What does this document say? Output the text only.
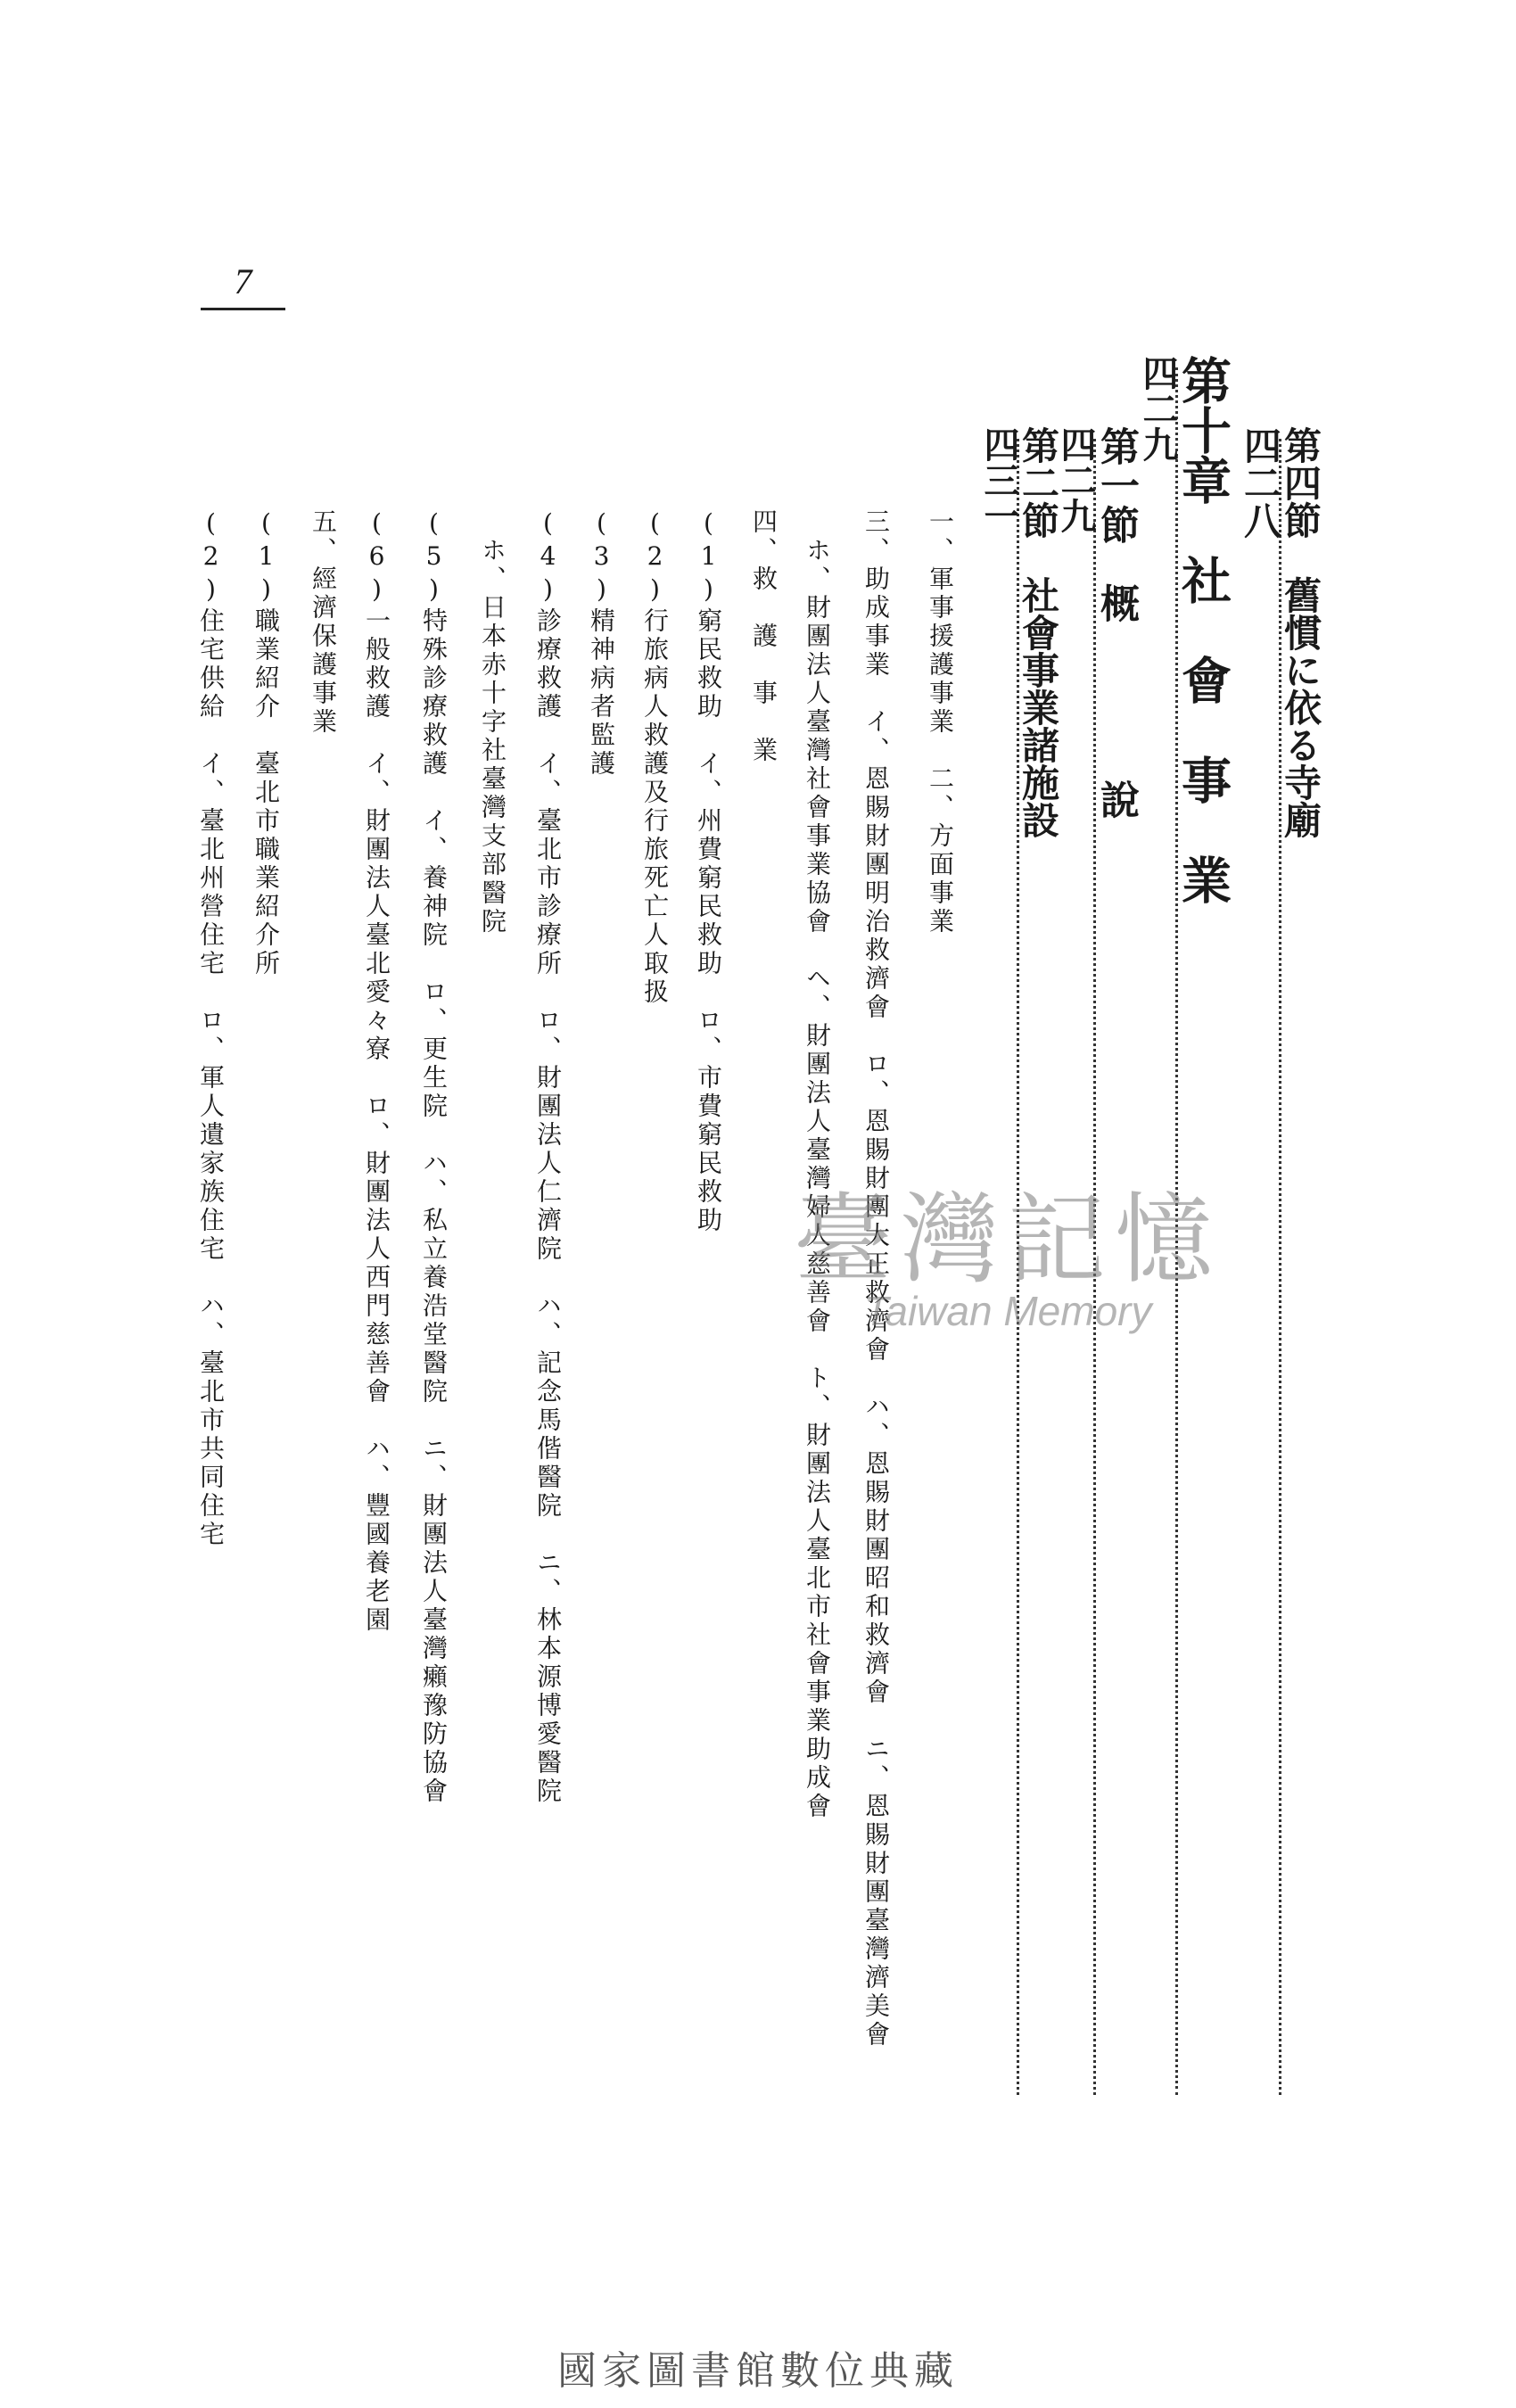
7
第四節　舊慣に依る寺廟
四二八
第十章　社　會　事　業
四二九
第一節　概　　　　說
四二九
第二節　社會事業諸施設
四三一
一、軍事援護事業　二、方面事業
三、助成事業　イ、恩賜財團明治救濟會　ロ、恩賜財團大正救濟會　ハ、恩賜財團昭和救濟會　ニ、恩賜財團臺灣濟美會
　ホ、財團法人臺灣社會事業協會　ヘ、財團法人臺灣婦人慈善會　ト、財團法人臺北市社會事業助成會
四、救　護　事　業
(1)窮民救助　イ、州費窮民救助　ロ、市費窮民救助
(2)行旅病人救護及行旅死亡人取扱
(3)精神病者監護
(4)診療救護　イ、臺北市診療所　ロ、財團法人仁濟院　ハ、記念馬偕醫院　ニ、林本源博愛醫院
　ホ、日本赤十字社臺灣支部醫院
(5)特殊診療救護　イ、養神院　ロ、更生院　ハ、私立養浩堂醫院　ニ、財團法人臺灣癩豫防協會
(6)一般救護　イ、財團法人臺北愛々寮　ロ、財團法人西門慈善會　ハ、豐國養老園
五、經濟保護事業
(1)職業紹介　臺北市職業紹介所
(2)住宅供給　イ、臺北州營住宅　ロ、軍人遺家族住宅　ハ、臺北市共同住宅	臺灣記憶
Taiwan Memory
國家圖書館數位典藏
